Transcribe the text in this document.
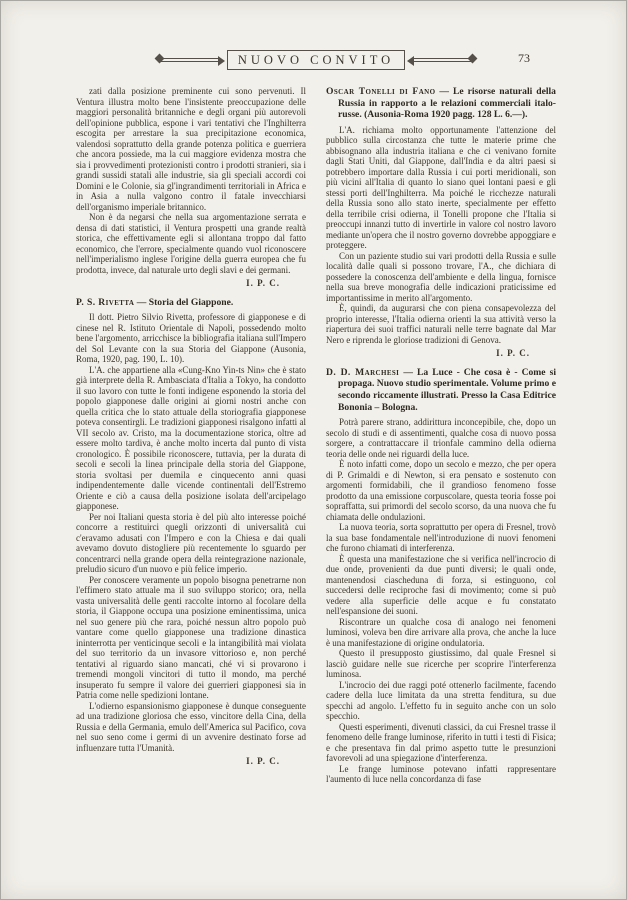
NUOVO CONVITO	73

zati dalla posizione preminente cui sono pervenuti. Il Ventura illustra molto bene l'insistente preoccupazione delle maggiori personalità britanniche e degli organi più autorevoli dell'opinione pubblica, espone i vari tentativi che l'Inghilterra escogita per arrestare la sua precipitazione economica, valendosi soprattutto della grande potenza politica e guerriera che ancora possiede, ma la cui maggiore evidenza mostra che sia i provvedimenti protezionisti contro i prodotti stranieri, sia i grandi sussidi statali alle industrie, sia gli speciali accordi coi Domini e le Colonie, sia gl'ingrandimenti territoriali in Africa e in Asia a nulla valgono contro il fatale invecchiarsi dell'organismo imperiale britannico.

Non è da negarsi che nella sua argomentazione serrata e densa di dati statistici, il Ventura prospetti una grande realtà storica, che effettivamente egli si allontana troppo dal fatto economico, che l'errore, specialmente quando vuol riconoscere nell'imperialismo inglese l'origine della guerra europea che fu prodotta, invece, dal naturale urto degli slavi e dei germani.

I. P. C.

P. S. Rivetta — Storia del Giappone.

Il dott. Pietro Silvio Rivetta, professore di giapponese e di cinese nel R. Istituto Orientale di Napoli, possedendo molto bene l'argomento, arricchisce la bibliografia italiana sull'Impero del Sol Levante con la sua Storia del Giappone (Ausonia, Roma, 1920, pag. 190, L. 10).

L'A. che appartiene alla «Cung-Kno Yin-ts Nin» che è stato già interprete della R. Ambasciata d'Italia a Tokyo, ha condotto il suo lavoro con tutte le fonti indigene esponendo la storia del popolo giapponese dalle origini ai giorni nostri anche con quella critica che lo stato attuale della storiografia giapponese poteva consentirgli. Le tradizioni giapponesi risalgono infatti al VII secolo av. Cristo, ma la documentazione storica, oltre ad essere molto tardiva, è anche molto incerta dal punto di vista cronologico. È possibile riconoscere, tuttavia, per la durata di secoli e secoli la linea principale della storia del Giappone, storia svoltasi per duemila e cinquecento anni quasi indipendentemente dalle vicende continentali dell'Estremo Oriente e ciò a causa della posizione isolata dell'arcipelago giapponese.

Per noi Italiani questa storia è del più alto interesse poiché concorre a restituirci quegli orizzonti di universalità cui c'eravamo adusati con l'Impero e con la Chiesa e dai quali avevamo dovuto distogliere più recentemente lo sguardo per concentrarci nella grande opera della reintegrazione nazionale, preludio sicuro d'un nuovo e più felice imperio.

Per conoscere veramente un popolo bisogna penetrarne non l'effimero stato attuale ma il suo sviluppo storico; ora, nella vasta universalità delle genti raccolte intorno al focolare della storia, il Giappone occupa una posizione eminentissima, unica nel suo genere più che rara, poiché nessun altro popolo può vantare come quello giapponese una tradizione dinastica ininterrotta per venticinque secoli e la intangibilità mai violata del suo territorio da un invasore vittorioso e, non perché tentativi al riguardo siano mancati, ché vi si provarono i tremendi mongoli vincitori di tutto il mondo, ma perché insuperato fu sempre il valore dei guerrieri giapponesi sia in Patria come nelle spedizioni lontane.

L'odierno espansionismo giapponese è dunque conseguente ad una tradizione gloriosa che esso, vincitore della Cina, della Russia e della Germania, emulo dell'America sul Pacifico, cova nel suo seno come i germi di un avvenire destinato forse ad influenzare tutta l'Umanità.

I. P. C.

Oscar Tonelli di Fano — Le risorse naturali della Russia in rapporto a le relazioni commerciali italo-russe. (Ausonia-Roma 1920 pagg. 128 L. 6.—).

L'A. richiama molto opportunamente l'attenzione del pubblico sulla circostanza che tutte le materie prime che abbisognano alla industria italiana e che ci venivano fornite dagli Stati Uniti, dal Giappone, dall'India e da altri paesi si potrebbero importare dalla Russia i cui porti meridionali, son più vicini all'Italia di quanto lo siano quei lontani paesi e gli stessi porti dell'Inghilterra. Ma poiché le ricchezze naturali della Russia sono allo stato inerte, specialmente per effetto della terribile crisi odierna, il Tonelli propone che l'Italia si preoccupi innanzi tutto di invertirle in valore col nostro lavoro mediante un'opera che il nostro governo dovrebbe appoggiare e proteggere.

Con un paziente studio sui vari prodotti della Russia e sulle località dalle quali si possono trovare, l'A., che dichiara di possedere la conoscenza dell'ambiente e della lingua, fornisce nella sua breve monografia delle indicazioni praticissime ed importantissime in merito all'argomento.

È, quindi, da augurarsi che con piena consapevolezza del proprio interesse, l'Italia odierna orienti la sua attività verso la riapertura dei suoi traffici naturali nelle terre bagnate dal Mar Nero e riprenda le gloriose tradizioni di Genova.

I. P. C.

D. D. Marchesi — La Luce - Che cosa è - Come si propaga. Nuovo studio sperimentale. Volume primo e secondo riccamente illustrati. Presso la Casa Editrice Bononia – Bologna.

Potrà parere strano, addirittura inconcepibile, che, dopo un secolo di studi e di assentimenti, qualche cosa di nuovo possa sorgere, a contrattaccare il trionfale cammino della odierna teoria delle onde nei riguardi della luce.

È noto infatti come, dopo un secolo e mezzo, che per opera di P. Grimaldi e di Newton, si era pensato e sostenuto con argomenti formidabili, che il grandioso fenomeno fosse prodotto da una emissione corpuscolare, questa teoria fosse poi sopraffatta, sui primordi del secolo scorso, da una nuova che fu chiamata delle ondulazioni.

La nuova teoria, sorta soprattutto per opera di Fresnel, trovò la sua base fondamentale nell'introduzione di nuovi fenomeni che furono chiamati di interferenza.

È questa una manifestazione che si verifica nell'incrocio di due onde, provenienti da due punti diversi; le quali onde, mantenendosi ciascheduna di forza, si estinguono, col succedersi delle reciproche fasi di movimento; come si può vedere alla superficie delle acque e fu constatato nell'espansione dei suoni.

Riscontrare un qualche cosa di analogo nei fenomeni luminosi, voleva ben dire arrivare alla prova, che anche la luce è una manifestazione di origine ondulatoria.

Questo il presupposto giustissimo, dal quale Fresnel si lasciò guidare nelle sue ricerche per scoprire l'interferenza luminosa.

L'incrocio dei due raggi poté ottenerlo facilmente, facendo cadere della luce limitata da una stretta fenditura, su due specchi ad angolo. L'effetto fu in seguito anche con un solo specchio.

Questi esperimenti, divenuti classici, da cui Fresnel trasse il fenomeno delle frange luminose, riferito in tutti i testi di Fisica; e che presentava fin dal primo aspetto tutte le presunzioni favorevoli ad una spiegazione d'interferenza.

Le frange luminose potevano infatti rappresentare l'aumento di luce nella concordanza di fase
